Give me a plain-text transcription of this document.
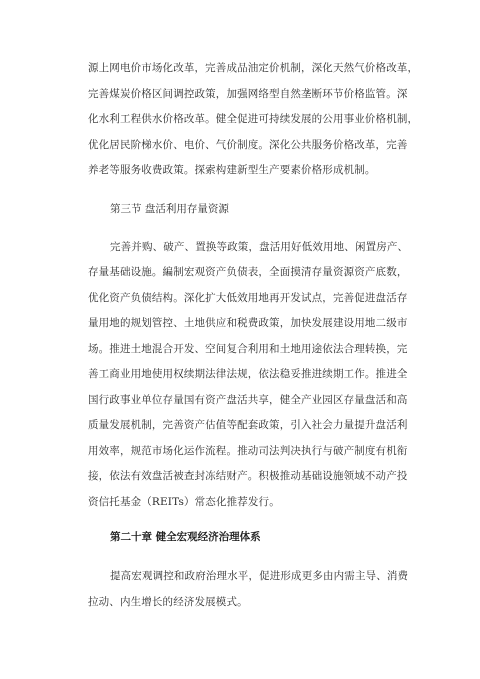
源上网电价市场化改革，完善成品油定价机制，深化天然气价格改革，
完善煤炭价格区间调控政策，加强网络型自然垄断环节价格监管。深
化水利工程供水价格改革。健全促进可持续发展的公用事业价格机制，
优化居民阶梯水价、电价、气价制度。深化公共服务价格改革，完善
养老等服务收费政策。探索构建新型生产要素价格形成机制。
第三节 盘活利用存量资源
完善并购、破产、置换等政策，盘活用好低效用地、闲置房产、
存量基础设施。編制宏观资产负债表，全面摸清存量资源资产底数，
优化资产负债结构。深化扩大低效用地再开发试点，完善促进盘活存
量用地的规划管控、土地供应和税费政策，加快发展建设用地二级市
场。推进土地混合开发、空间复合利用和土地用途依法合理转换，完
善工商业用地使用权续期法律法规，依法稳妥推进续期工作。推进全
国行政事业单位存量国有资产盘活共享，健全产业园区存量盘活和高
质量发展机制，完善资产估值等配套政策，引入社会力量提升盘活利
用效率，规范市场化运作流程。推动司法判决执行与破产制度有机衔
接，依法有效盘活被查封冻结财产。积极推动基础设施领域不动产投
资信托基金（REITs）常态化推荐发行。
第二十章 健全宏观经济治理体系
提高宏观调控和政府治理水平，促进形成更多由内需主导、消费
拉动、内生增长的经济发展模式。
